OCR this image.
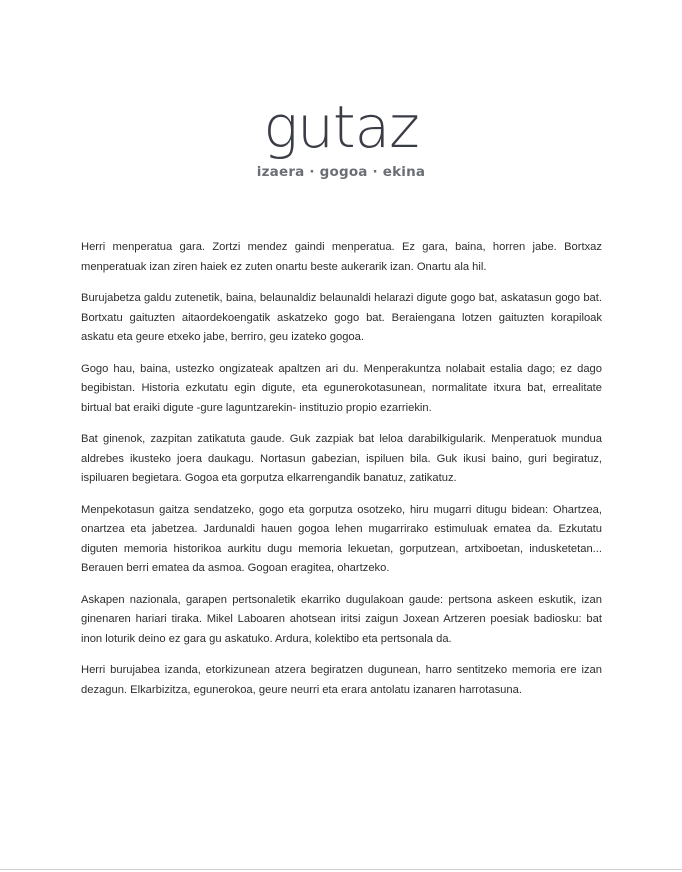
gutaz
izaera · gogoa · ekina

Herri menperatua gara. Zortzi mendez gaindi menperatua. Ez gara, baina, horren jabe. Bortxaz menperatuak izan ziren haiek ez zuten onartu beste aukerarik izan. Onartu ala hil.

Burujabetza galdu zutenetik, baina, belaunaldiz belaunaldi helarazi digute gogo bat, askatasun gogo bat. Bortxatu gaituzten aitaordekoengatik askatzeko gogo bat. Beraiengana lotzen gaituzten korapiloak askatu eta geure etxeko jabe, berriro, geu izateko gogoa.

Gogo hau, baina, ustezko ongizateak apaltzen ari du. Menperakuntza nolabait estalia dago; ez dago begibistan. Historia ezkutatu egin digute, eta egunerokotasunean, normalitate itxura bat, errealitate birtual bat eraiki digute -gure laguntzarekin- instituzio propio ezarriekin.

Bat ginenok, zazpitan zatikatuta gaude. Guk zazpiak bat leloa darabilkigularik. Menperatuok mundua aldrebes ikusteko joera daukagu. Nortasun gabezian, ispiluen bila. Guk ikusi baino, guri begiratuz, ispiluaren begietara. Gogoa eta gorputza elkarrengandik banatuz, zatikatuz.

Menpekotasun gaitza sendatzeko, gogo eta gorputza osotzeko, hiru mugarri ditugu bidean: Ohartzea, onartzea eta jabetzea. Jardunaldi hauen gogoa lehen mugarrirako estimuluak ematea da. Ezkutatu diguten memoria historikoa aurkitu dugu memoria lekuetan, gorputzean, artxiboetan, indusketetan... Berauen berri ematea da asmoa. Gogoan eragitea, ohartzeko.

Askapen nazionala, garapen pertsonaletik ekarriko dugulakoan gaude: pertsona askeen eskutik, izan ginenaren hariari tiraka. Mikel Laboaren ahotsean iritsi zaigun Joxean Artzeren poesiak badiosku: bat inon loturik deino ez gara gu askatuko. Ardura, kolektibo eta pertsonala da.

Herri burujabea izanda, etorkizunean atzera begiratzen dugunean, harro sentitzeko memoria ere izan dezagun. Elkarbizitza, egunerokoa, geure neurri eta erara antolatu izanaren harrotasuna.
